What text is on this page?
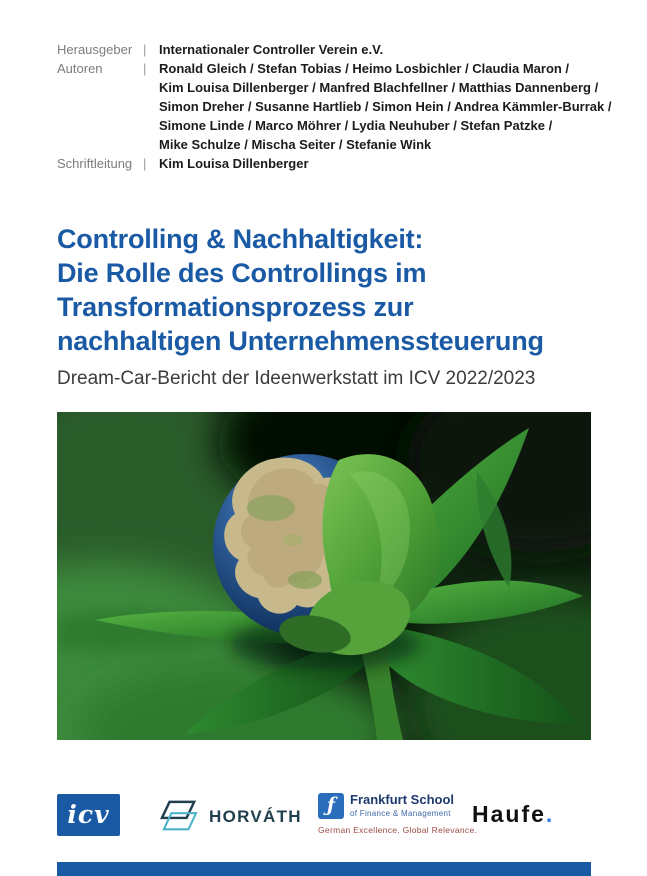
Herausgeber | Internationaler Controller Verein e.V.
Autoren	| Ronald Gleich / Stefan Tobias / Heimo Losbichler / Claudia Maron /
Kim Louisa Dillenberger / Manfred Blachfellner / Matthias Dannenberg /
Simon Dreher / Susanne Hartlieb / Simon Hein / Andrea Kämmler-Burrak /
Simone Linde / Marco Möhrer / Lydia Neuhuber / Stefan Patzke /
Mike Schulze / Mischa Seiter / Stefanie Wink
Schriftleitung | Kim Louisa Dillenberger
Controlling & Nachhaltigkeit:
Die Rolle des Controllings im
Transformationsprozess zur
nachhaltigen Unternehmenssteuerung
Dream-Car-Bericht der Ideenwerkstatt im ICV 2022/2023
icv	HORVÁTH
ƒ Frankfurt School
of Finance & Management
German Excellence. Global Relevance.
Haufe.
